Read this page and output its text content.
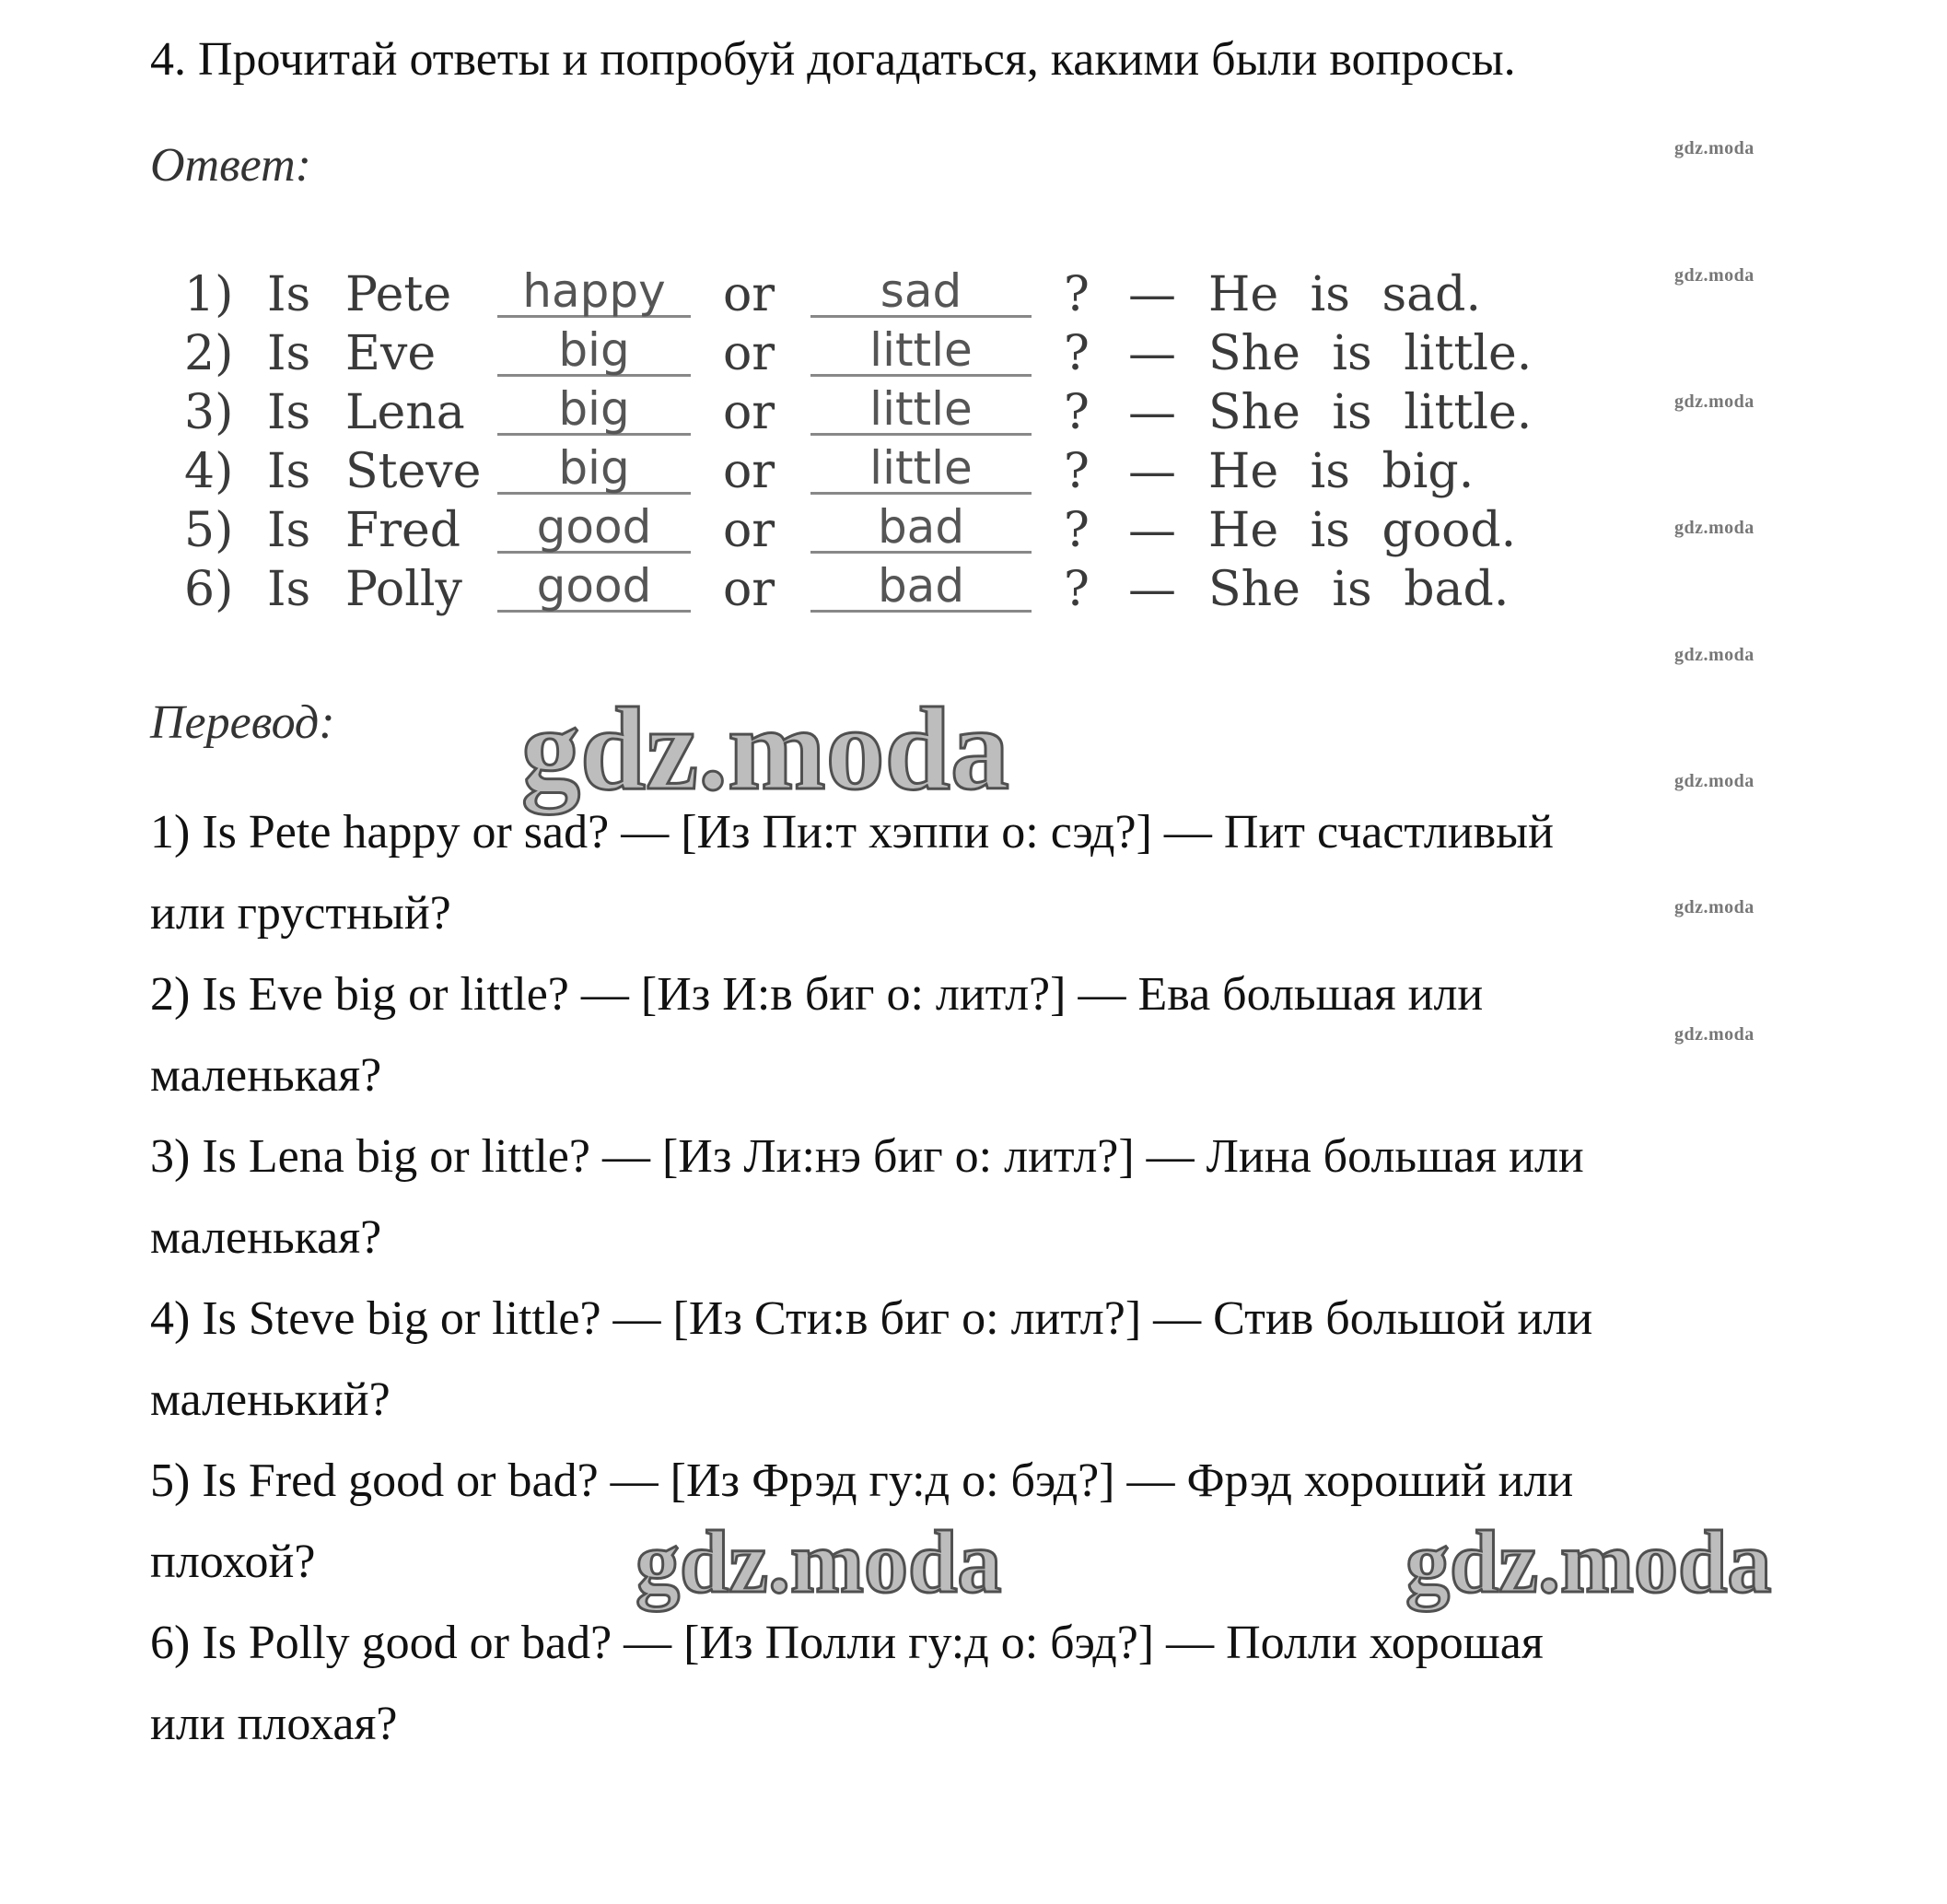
4. Прочитай ответы и попробуй догадаться, какими были вопросы.
Ответ:
1) Is Pete	happy	or	sad	? — He is sad.
2) Is Eve	big	or	little	? — She is little.
3) Is Lena	big	or	little	? — She is little.
4) Is Steve	big	or	little	? — He is big.
5) Is Fred	good	or	bad	? — He is good.
6) Is Polly	good	or	bad	? — She is bad.
Перевод: gdz.moda
1) Is Pete happy or sad? — [Из Пи:т хэппи о: сэд?] — Пит счастливый
или грустный?
2) Is Eve big or little? — [Из И:в биг о: литл?] — Ева большая или
маленькая?
3) Is Lena big or little? — [Из Ли:нэ биг о: литл?] — Лина большая или
маленькая?
4) Is Steve big or little? — [Из Сти:в биг о: литл?] — Стив большой или
маленький?
5) Is Fred good or bad? — [Из Фрэд гу:д о: бэд?] — Фрэд хороший или
плохой?
6) Is Polly good or bad? — [Из Полли гу:д о: бэд?] — Полли хорошая
или плохая?
gdz.moda	gdz.moda
gdz.moda
gdz.moda
gdz.moda
gdz.moda
gdz.moda
gdz.moda
gdz.moda
gdz.moda
